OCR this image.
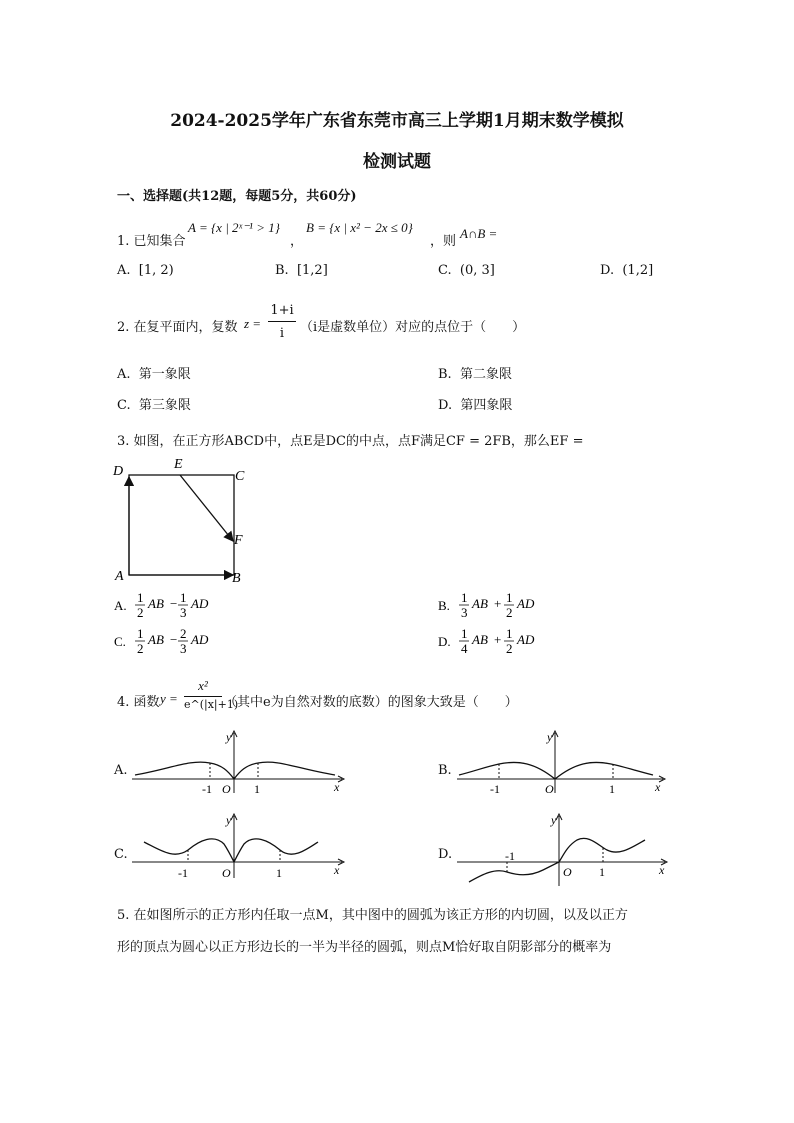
2024-2025学年广东省东莞市高三上学期1月期末数学模拟
检测试题
一、选择题(共12题，每题5分，共60分)
1. 已知集合
A = {x | 2ˣ⁻¹ > 1}
，
B = {x | x² − 2x ≤ 0}
，则
A∩B =
A. [1, 2)	B. [1,2]	C. (0, 3]	D. (1,2]
2. 在复平面内，复数 z =
1+i
i	（i是虚数单位）对应的点位于（　　）
A. 第一象限	B. 第二象限
C. 第三象限	D. 第四象限
3. 如图，在正方形ABCD中，点E是DC的中点，点F满足CF = 2FB，那么EF =
D	E
C
F
A	B
A.
1
2
AB − 1
3
AD
C.
1
2
AB − 2
3
AD
B.
1
3
AB + 1
2
AD
D.
1
4
AB + 1
2
AD
4. 函数 y =
x²
e^(|x|+1)
（其中e为自然对数的底数）的图象大致是（　　）
A.
y
x
O
-1	1
B.
y
x
O
-1	1
C.
y
x
O
-1	1
D.
y
x
O
-1
1
5. 在如图所示的正方形内任取一点M，其中图中的圆弧为该正方形的内切圆，以及以正方
形的顶点为圆心以正方形边长的一半为半径的圆弧，则点M恰好取自阴影部分的概率为
